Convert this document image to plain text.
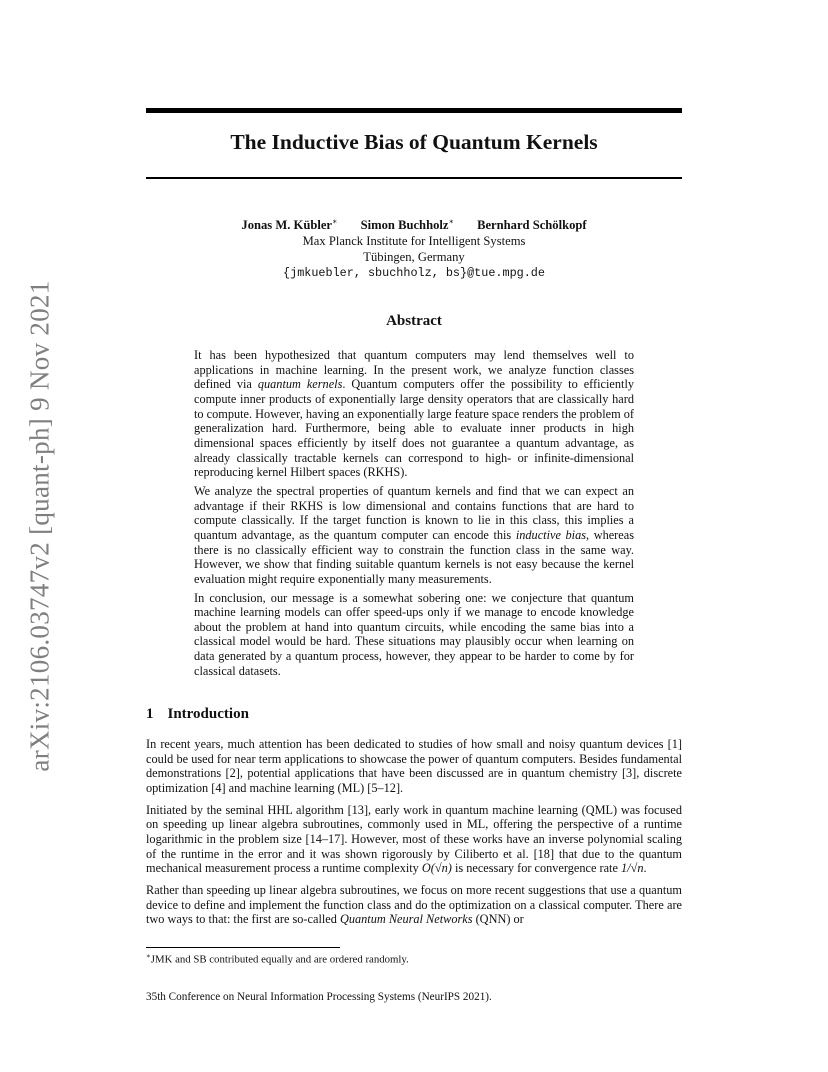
arXiv:2106.03747v2 [quant-ph] 9 Nov 2021
The Inductive Bias of Quantum Kernels
Jonas M. Kübler∗ Simon Buchholz∗ Bernhard Schölkopf
Max Planck Institute for Intelligent Systems
Tübingen, Germany
{jmkuebler, sbuchholz, bs}@tue.mpg.de
Abstract

It has been hypothesized that quantum computers may lend themselves well to applications in machine learning. In the present work, we analyze function classes defined via quantum kernels. Quantum computers offer the possibility to efficiently compute inner products of exponentially large density operators that are classically hard to compute. However, having an exponentially large feature space renders the problem of generalization hard. Furthermore, being able to evaluate inner products in high dimensional spaces efficiently by itself does not guarantee a quantum advantage, as already classically tractable kernels can correspond to high- or infinite-dimensional reproducing kernel Hilbert spaces (RKHS).

We analyze the spectral properties of quantum kernels and find that we can expect an advantage if their RKHS is low dimensional and contains functions that are hard to compute classically. If the target function is known to lie in this class, this implies a quantum advantage, as the quantum computer can encode this inductive bias, whereas there is no classically efficient way to constrain the function class in the same way. However, we show that finding suitable quantum kernels is not easy because the kernel evaluation might require exponentially many measurements.

In conclusion, our message is a somewhat sobering one: we conjecture that quantum machine learning models can offer speed-ups only if we manage to encode knowledge about the problem at hand into quantum circuits, while encoding the same bias into a classical model would be hard. These situations may plausibly occur when learning on data generated by a quantum process, however, they appear to be harder to come by for classical datasets.

1 Introduction

In recent years, much attention has been dedicated to studies of how small and noisy quantum devices [1] could be used for near term applications to showcase the power of quantum computers. Besides fundamental demonstrations [2], potential applications that have been discussed are in quantum chemistry [3], discrete optimization [4] and machine learning (ML) [5–12].

Initiated by the seminal HHL algorithm [13], early work in quantum machine learning (QML) was focused on speeding up linear algebra subroutines, commonly used in ML, offering the perspective of a runtime logarithmic in the problem size [14–17]. However, most of these works have an inverse polynomial scaling of the runtime in the error and it was shown rigorously by Ciliberto et al. [18] that due to the quantum mechanical measurement process a runtime complexity O(√n) is necessary for convergence rate 1/√n.

Rather than speeding up linear algebra subroutines, we focus on more recent suggestions that use a quantum device to define and implement the function class and do the optimization on a classical computer. There are two ways to that: the first are so-called Quantum Neural Networks (QNN) or

∗JMK and SB contributed equally and are ordered randomly.
35th Conference on Neural Information Processing Systems (NeurIPS 2021).
